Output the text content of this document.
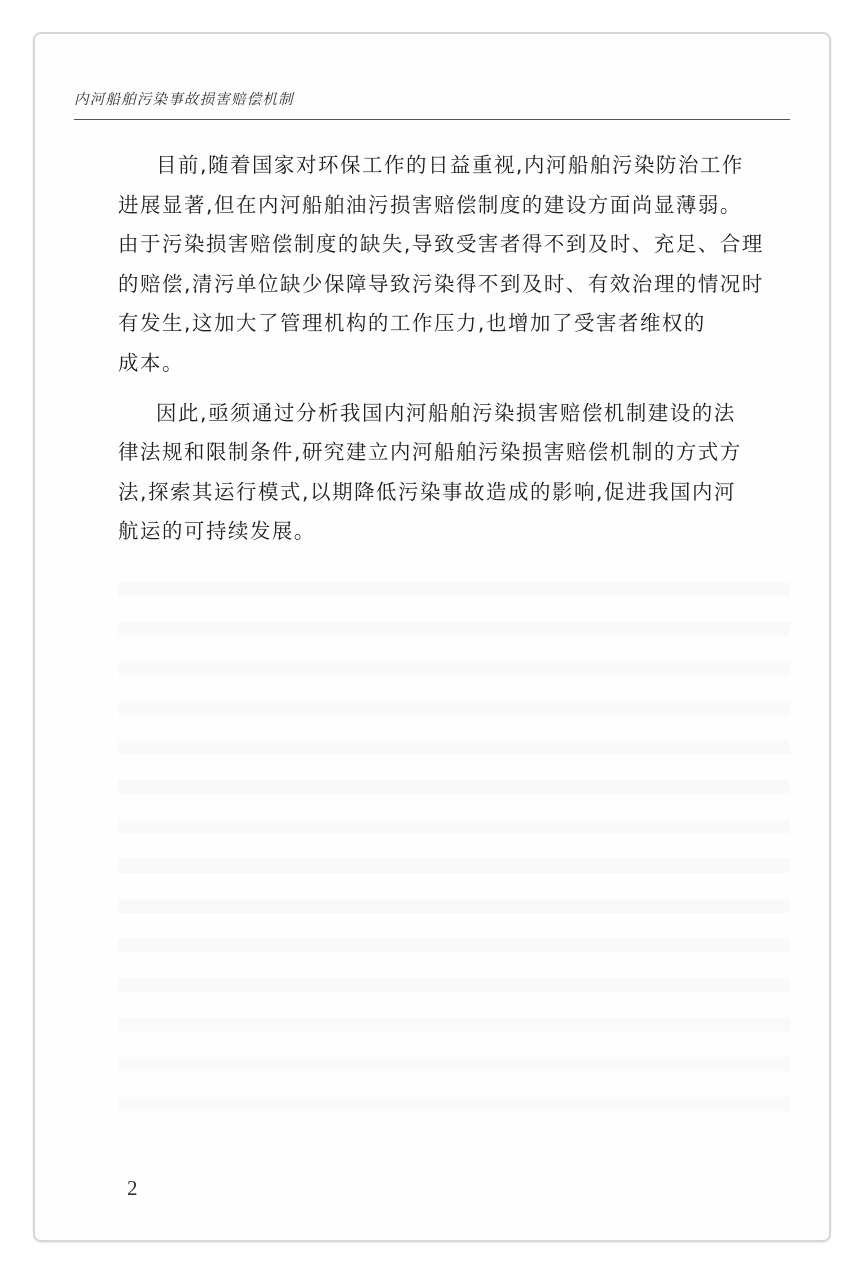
内河船舶污染事故损害赔偿机制

目前,随着国家对环保工作的日益重视,内河船舶污染防治工作
进展显著,但在内河船舶油污损害赔偿制度的建设方面尚显薄弱。
由于污染损害赔偿制度的缺失,导致受害者得不到及时、充足、合理
的赔偿,清污单位缺少保障导致污染得不到及时、有效治理的情况时
有发生,这加大了管理机构的工作压力,也增加了受害者维权的
成本。

因此,亟须通过分析我国内河船舶污染损害赔偿机制建设的法
律法规和限制条件,研究建立内河船舶污染损害赔偿机制的方式方
法,探索其运行模式,以期降低污染事故造成的影响,促进我国内河
航运的可持续发展。

2
